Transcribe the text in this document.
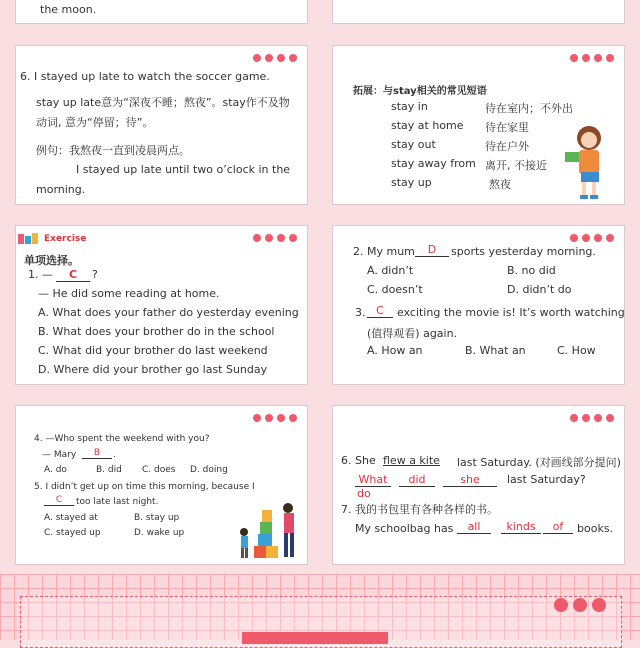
the moon.
6. I stayed up late to watch the soccer game.
stay up late意为“深夜不睡；熬夜”。stay作不及物
动词, 意为“停留；待”。
例句：我熬夜一直到凌晨两点。
I stayed up late until two o’clock in the
morning.
拓展：与stay相关的常见短语
stay in	待在室内；不外出
stay at home 待在家里
stay out	待在户外
stay away from 离开, 不接近
stay up	熬夜
Exercise
单项选择。
1. —	C	?
— He did some reading at home.
A. What does your father do yesterday evening
B. What does your brother do in the school
C. What did your brother do last weekend
D. Where did your brother go last Sunday
2. My mum	D	sports yesterday morning.
A. didn’t	B. no did
C. doesn’t	D. didn’t do
3. C	exciting the movie is! It’s worth watching
(值得观看) again.
A. How an	B. What an	C. How
4. —Who spent the weekend with you?
— Mary	B	.
A. do	B. did C. does D. doing
5. I didn’t get up on time this morning, because I
C	too late last night.
A. stayed at	B. stay up
C. stayed up	D. wake up
6. She flew a kite last Saturday. (对画线部分提问)
What	did	she	last Saturday?
do
7. 我的书包里有各种各样的书。
My schoolbag has	all	kinds	of	books.
